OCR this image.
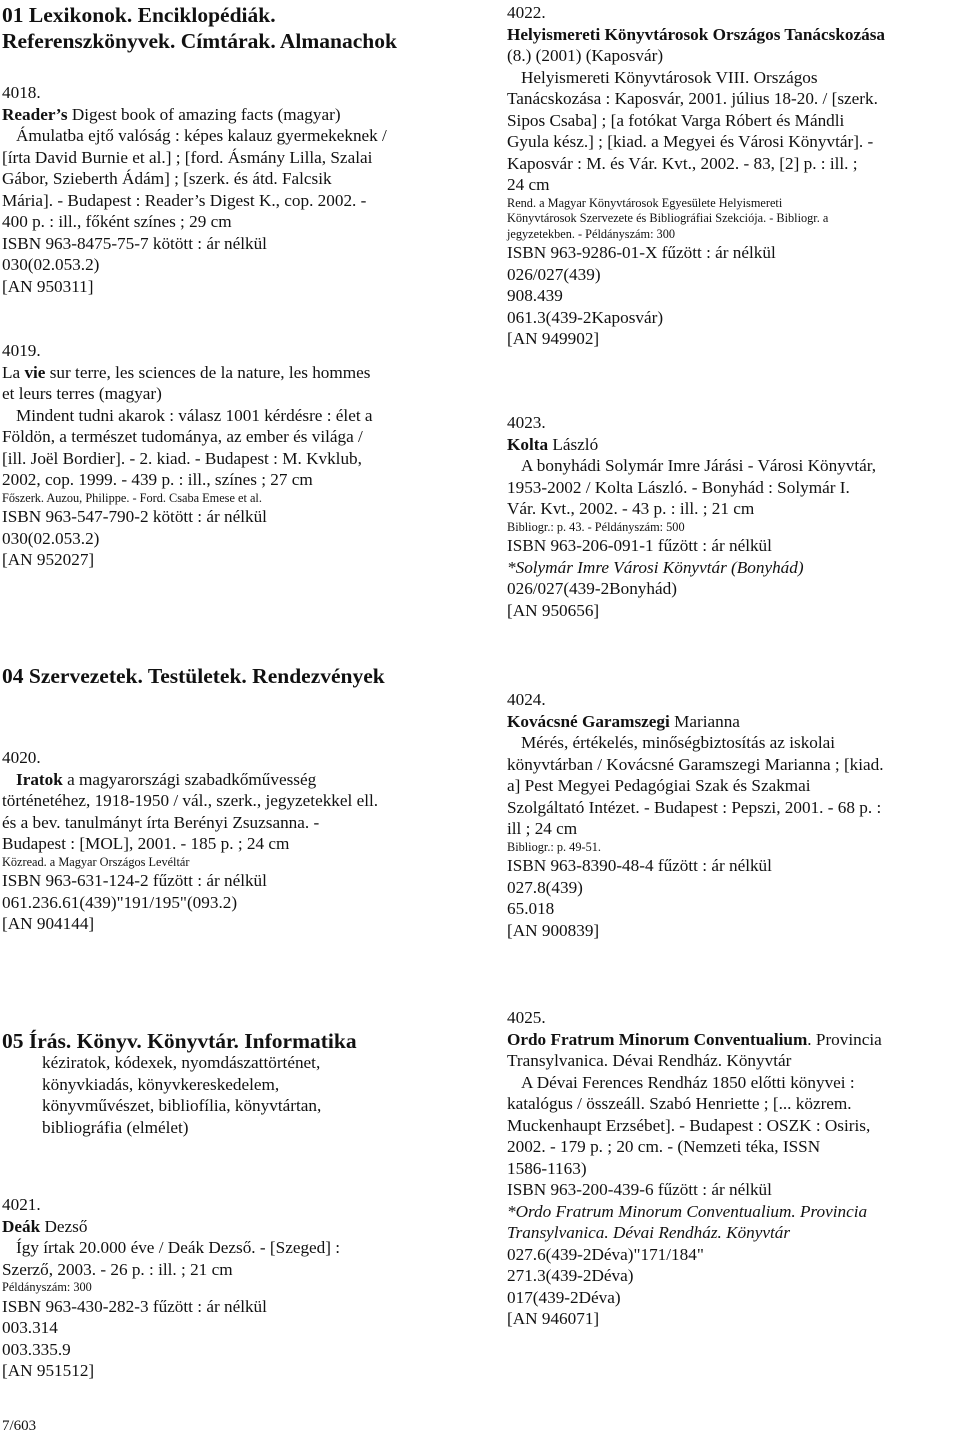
01 Lexikonok. Enciklopédiák.
Referenszkönyvek. Címtárak. Almanachok
4018.
Reader’s Digest book of amazing facts (magyar)
Ámulatba ejtő valóság : képes kalauz gyermekeknek /
[írta David Burnie et al.] ; [ford. Ásmány Lilla, Szalai
Gábor, Szieberth Ádám] ; [szerk. és átd. Falcsik
Mária]. - Budapest : Reader’s Digest K., cop. 2002. -
400 p. : ill., főként színes ; 29 cm
ISBN 963-8475-75-7 kötött : ár nélkül
030(02.053.2)
[AN 950311]
4019.
La vie sur terre, les sciences de la nature, les hommes
et leurs terres (magyar)
Mindent tudni akarok : válasz 1001 kérdésre : élet a
Földön, a természet tudománya, az ember és világa /
[ill. Joël Bordier]. - 2. kiad. - Budapest : M. Kvklub,
2002, cop. 1999. - 439 p. : ill., színes ; 27 cm
Főszerk. Auzou, Philippe. - Ford. Csaba Emese et al.
ISBN 963-547-790-2 kötött : ár nélkül
030(02.053.2)
[AN 952027]
04 Szervezetek. Testületek. Rendezvények
4020.
Iratok a magyarországi szabadkőművesség
történetéhez, 1918-1950 / vál., szerk., jegyzetekkel ell.
és a bev. tanulmányt írta Berényi Zsuzsanna. -
Budapest : [MOL], 2001. - 185 p. ; 24 cm
Közread. a Magyar Országos Levéltár
ISBN 963-631-124-2 fűzött : ár nélkül
061.236.61(439)"191/195"(093.2)
[AN 904144]
05 Írás. Könyv. Könyvtár. Informatika
kéziratok, kódexek, nyomdászattörténet,
könyvkiadás, könyvkereskedelem,
könyvművészet, bibliofília, könyvtártan,
bibliográfia (elmélet)
4021.
Deák Dezső
Így írtak 20.000 éve / Deák Dezső. - [Szeged] :
Szerző, 2003. - 26 p. : ill. ; 21 cm
Példányszám: 300
ISBN 963-430-282-3 fűzött : ár nélkül
003.314
003.335.9
[AN 951512]
4022.
Helyismereti Könyvtárosok Országos Tanácskozása
(8.) (2001) (Kaposvár)
Helyismereti Könyvtárosok VIII. Országos
Tanácskozása : Kaposvár, 2001. július 18-20. / [szerk.
Sipos Csaba] ; [a fotókat Varga Róbert és Mándli
Gyula kész.] ; [kiad. a Megyei és Városi Könyvtár]. -
Kaposvár : M. és Vár. Kvt., 2002. - 83, [2] p. : ill. ;
24 cm
Rend. a Magyar Könyvtárosok Egyesülete Helyismereti
Könyvtárosok Szervezete és Bibliográfiai Szekciója. - Bibliogr. a
jegyzetekben. - Példányszám: 300
ISBN 963-9286-01-X fűzött : ár nélkül
026/027(439)
908.439
061.3(439-2Kaposvár)
[AN 949902]
4023.
Kolta László
A bonyhádi Solymár Imre Járási - Városi Könyvtár,
1953-2002 / Kolta László. - Bonyhád : Solymár I.
Vár. Kvt., 2002. - 43 p. : ill. ; 21 cm
Bibliogr.: p. 43. - Példányszám: 500
ISBN 963-206-091-1 fűzött : ár nélkül
*Solymár Imre Városi Könyvtár (Bonyhád)
026/027(439-2Bonyhád)
[AN 950656]
4024.
Kovácsné Garamszegi Marianna
Mérés, értékelés, minőségbiztosítás az iskolai
könyvtárban / Kovácsné Garamszegi Marianna ; [kiad.
a] Pest Megyei Pedagógiai Szak és Szakmai
Szolgáltató Intézet. - Budapest : Pepszi, 2001. - 68 p. :
ill ; 24 cm
Bibliogr.: p. 49-51.
ISBN 963-8390-48-4 fűzött : ár nélkül
027.8(439)
65.018
[AN 900839]
4025.
Ordo Fratrum Minorum Conventualium. Provincia
Transylvanica. Dévai Rendház. Könyvtár
A Dévai Ferences Rendház 1850 előtti könyvei :
katalógus / összeáll. Szabó Henriette ; [... közrem.
Muckenhaupt Erzsébet]. - Budapest : OSZK : Osiris,
2002. - 179 p. ; 20 cm. - (Nemzeti téka, ISSN
1586-1163)
ISBN 963-200-439-6 fűzött : ár nélkül
*Ordo Fratrum Minorum Conventualium. Provincia
Transylvanica. Dévai Rendház. Könyvtár
027.6(439-2Déva)"171/184"
271.3(439-2Déva)
017(439-2Déva)
[AN 946071]
7/603
